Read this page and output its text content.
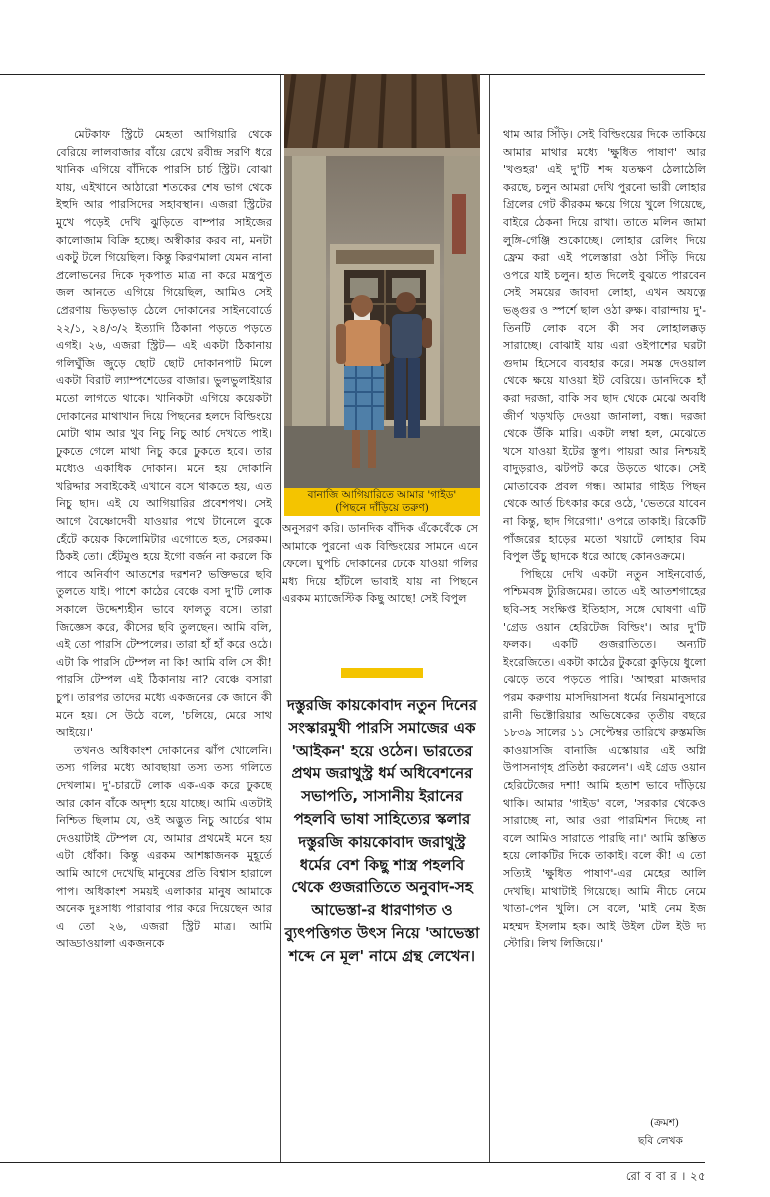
মেটকাফ স্ট্রিটে মেহতা আগিয়ারি থেকে বেরিয়ে লালবাজার বাঁয়ে রেখে রবীন্দ্র সরণি ধরে খানিক এগিয়ে বাঁদিকে পারসি চার্চ স্ট্রিট। বোঝা যায়, এইখানে আঠারো শতকের শেষ ভাগ থেকে ইহুদি আর পারসিদের সহাবস্থান। এজরা স্ট্রিটের মুখে পড়েই দেখি ঝুড়িতে বাম্পার সাইজের কালোজাম বিক্রি হচ্ছে। অস্বীকার করব না, মনটা একটু টলে গিয়েছিল। কিন্তু কিরণমালা যেমন নানা প্রলোভনের দিকে দৃকপাত মাত্র না করে মন্ত্রপুত জল আনতে এগিয়ে গিয়েছিল, আমিও সেই প্রেরণায় ভিড়ভাড় ঠেলে দোকানের সাইনবোর্ডে ২২/১, ২৪/৩/২ ইত্যাদি ঠিকানা পড়তে পড়তে এগই। ২৬, এজরা স্ট্রিট— এই একটা ঠিকানায় গলিঘুঁজি জুড়ে ছোট ছোট দোকানপাট মিলে একটা বিরাট ল্যাম্পশেডের বাজার। ভুলভুলাইয়ার মতো লাগতে থাকে। খানিকটা এগিয়ে কয়েকটা দোকানের মাথাখান দিয়ে পিছনের হলদে বিল্ডিংয়ে মোটা থাম আর খুব নিচু নিচু আর্চ দেখতে পাই। ঢুকতে গেলে মাথা নিচু করে ঢুকতে হবে। তার মধ্যেও একাধিক দোকান। মনে হয় দোকানি খরিদ্দার সবাইকেই এখানে বসে থাকতে হয়, এত নিচু ছাদ। এই যে আগিয়ারির প্রবেশপথ। সেই আগে বৈষ্ণোদেবী যাওয়ার পথে টানেলে বুকে হেঁটে কয়েক কিলোমিটার এগোতে হত, সেরকম। ঠিকই তো। হেঁটমুণ্ড হয়ে ইগো বর্জন না করলে কি পাবে অনির্বাণ আতশের দরশন? ভক্তিভরে ছবি তুলতে যাই। পাশে কাঠের বেঞ্চে বসা দু'টি লোক সকালে উদ্দেশ্যহীন ভাবে ফালতু বসে। তারা জিজ্ঞেস করে, কীসের ছবি তুলছেন। আমি বলি, এই তো পারসি টেম্পলের। তারা হাঁ হাঁ করে ওঠে। এটা কি পারসি টেম্পল না কি! আমি বলি সে কী! পারসি টেম্পল এই ঠিকানায় না? বেঞ্চে বসারা চুপ। তারপর তাদের মধ্যে একজনের কে জানে কী মনে হয়। সে উঠে বলে, 'চলিয়ে, মেরে সাথ আইয়ে।'

তখনও অধিকাংশ দোকানের ঝাঁপ খোলেনি। তস্য গলির মধ্যে আবছায়া তস্য তস্য গলিতে দেখলাম। দু'-চারটে লোক এক-এক করে ঢুকছে আর কোন বাঁকে অদৃশ্য হয়ে যাচ্ছে। আমি এতটাই নিশ্চিত ছিলাম যে, ওই অদ্ভুত নিচু আর্চের থাম দেওয়াটাই টেম্পল যে, আমার প্রথমেই মনে হয় এটা ধোঁকা। কিন্তু এরকম আশঙ্কাজনক মুহূর্তে আমি আগে দেখেছি মানুষের প্রতি বিশ্বাস হারালে পাপ। অধিকাংশ সময়ই এলাকার মানুষ আমাকে অনেক দুঃসাধ্য পারাবার পার করে দিয়েছেন আর এ তো ২৬, এজরা স্ট্রিট মাত্র। আমি আড্ডাওয়ালা একজনকে

বানাজি আগিয়ারিতে আমার 'গাইড'
(পিছনে দাঁড়িয়ে তরুণ)
অনুসরণ করি। ডানদিক বাঁদিক এঁকেবেঁকে সে আমাকে পুরনো এক বিল্ডিংয়ের সামনে এনে ফেলে। ঘুপচি দোকানের ঢেকে যাওয়া গলির মধ্য দিয়ে হাঁটলে ভাবাই যায় না পিছনে এরকম ম্যাজেস্টিক কিছু আছে! সেই বিপুল
দস্তুরজি কায়কোবাদ নতুন দিনের সংস্কারমুখী পারসি সমাজের এক 'আইকন' হয়ে ওঠেন। ভারতের প্রথম জরাথুস্ট্র ধর্ম অধিবেশনের সভাপতি, সাসানীয় ইরানের পহলবি ভাষা সাহিত্যের স্কলার দস্তুরজি কায়কোবাদ জরাথুস্ট্র ধর্মের বেশ কিছু শাস্ত্র পহলবি থেকে গুজরাতিতে অনুবাদ-সহ আভেস্তা-র ধারণাগত ও ব্যুৎপত্তিগত উৎস নিয়ে 'আভেস্তা শব্দে নে মূল' নামে গ্রন্থ লেখেন।

থাম আর সিঁড়ি। সেই বিল্ডিংয়ের দিকে তাকিয়ে আমার মাথার মধ্যে 'ক্ষুধিত পাষাণ' আর 'খণ্ডহর' এই দু'টি শব্দ যতক্ষণ ঠেলাঠেলি করছে, চলুন আমরা দেখি পুরনো ভারী লোহার গ্রিলের গেট কীরকম ক্ষয়ে গিয়ে খুলে গিয়েছে, বাইরে ঠেকনা দিয়ে রাখা। তাতে মলিন জামা লুঙ্গি-গেঞ্জি শুকোচ্ছে। লোহার রেলিং দিয়ে ফ্রেম করা এই পলেস্তারা ওঠা সিঁড়ি দিয়ে ওপরে যাই চলুন। হাত দিলেই বুঝতে পারবেন সেই সময়ের জাবদা লোহা, এখন অযত্নে ভঙ্গুর ও স্পর্শে ছাল ওঠা রুক্ষ। বারান্দায় দু'-তিনটি লোক বসে কী সব লোহালক্কড় সারাচ্ছে। বোঝাই যায় এরা ওইপাশের ঘরটা গুদাম হিসেবে ব্যবহার করে। সমস্ত দেওয়াল থেকে ক্ষয়ে যাওয়া ইট বেরিয়ে। ডানদিকে হাঁ করা দরজা, বাকি সব ছাদ থেকে মেঝে অবধি জীর্ণ খড়খড়ি দেওয়া জানালা, বন্ধ। দরজা থেকে উঁকি মারি। একটা লম্বা হল, মেঝেতে খসে যাওয়া ইটের স্তূপ। পায়রা আর নিশ্চয়ই বাদুড়রাও, ঝটপট করে উড়তে থাকে। সেই মোতাবেক প্রবল গন্ধ। আমার গাইড পিছন থেকে আর্ত চিৎকার করে ওঠে, 'ভেতরে যাবেন না কিন্তু, ছাদ গিরেগা।' ওপরে তাকাই। রিকেটি পাঁজরের হাড়ের মতো খয়াটে লোহার বিম বিপুল উঁচু ছাদকে ধরে আছে কোনওক্রমে।

পিছিয়ে দেখি একটা নতুন সাইনবোর্ড, পশ্চিমবঙ্গ ট্যুরিজমের। তাতে এই আতশগাহের ছবি-সহ সংক্ষিপ্ত ইতিহাস, সঙ্গে ঘোষণা এটি 'গ্রেড ওয়ান হেরিটেজ বিল্ডিং'। আর দু'টি ফলক। একটি গুজরাতিতে। অন্যটি ইংরেজিতে। একটা কাঠের টুকরো কুড়িয়ে ধুলো ঝেড়ে তবে পড়তে পারি। 'আহুরা মাজদার পরম করুণায় মাসদিয়াসনা ধর্মের নিয়মানুসারে রানী ভিক্টোরিয়ার অভিষেকের তৃতীয় বছরে ১৮৩৯ সালের ১১ সেপ্টেম্বর তারিখে রুস্তমজি কাওয়াসজি বানাজি এস্কোয়ার এই অগ্নি উপাসনাগৃহ প্রতিষ্ঠা করলেন'। এই গ্রেড ওয়ান হেরিটেজের দশা! আমি হতাশ ভাবে দাঁড়িয়ে থাকি। আমার 'গাইড' বলে, 'সরকার থেকেও সারাচ্ছে না, আর ওরা পারমিশন দিচ্ছে না বলে আমিও সারাতে পারছি না।' আমি স্তম্ভিত হয়ে লোকটির দিকে তাকাই। বলে কী! এ তো সত্যিই 'ক্ষুধিত পাষাণ'-এর মেহের আলি দেখছি। মাথাটাই গিয়েছে। আমি নীচে নেমে খাতা-পেন খুলি। সে বলে, 'মাই নেম ইজ মহম্মদ ইসলাম হক। আই উইল টেল ইউ দ্য স্টোরি। লিখ লিজিয়ে।'

(ক্রমশ)
ছবি লেখক
রো ব বা র । ২৫
